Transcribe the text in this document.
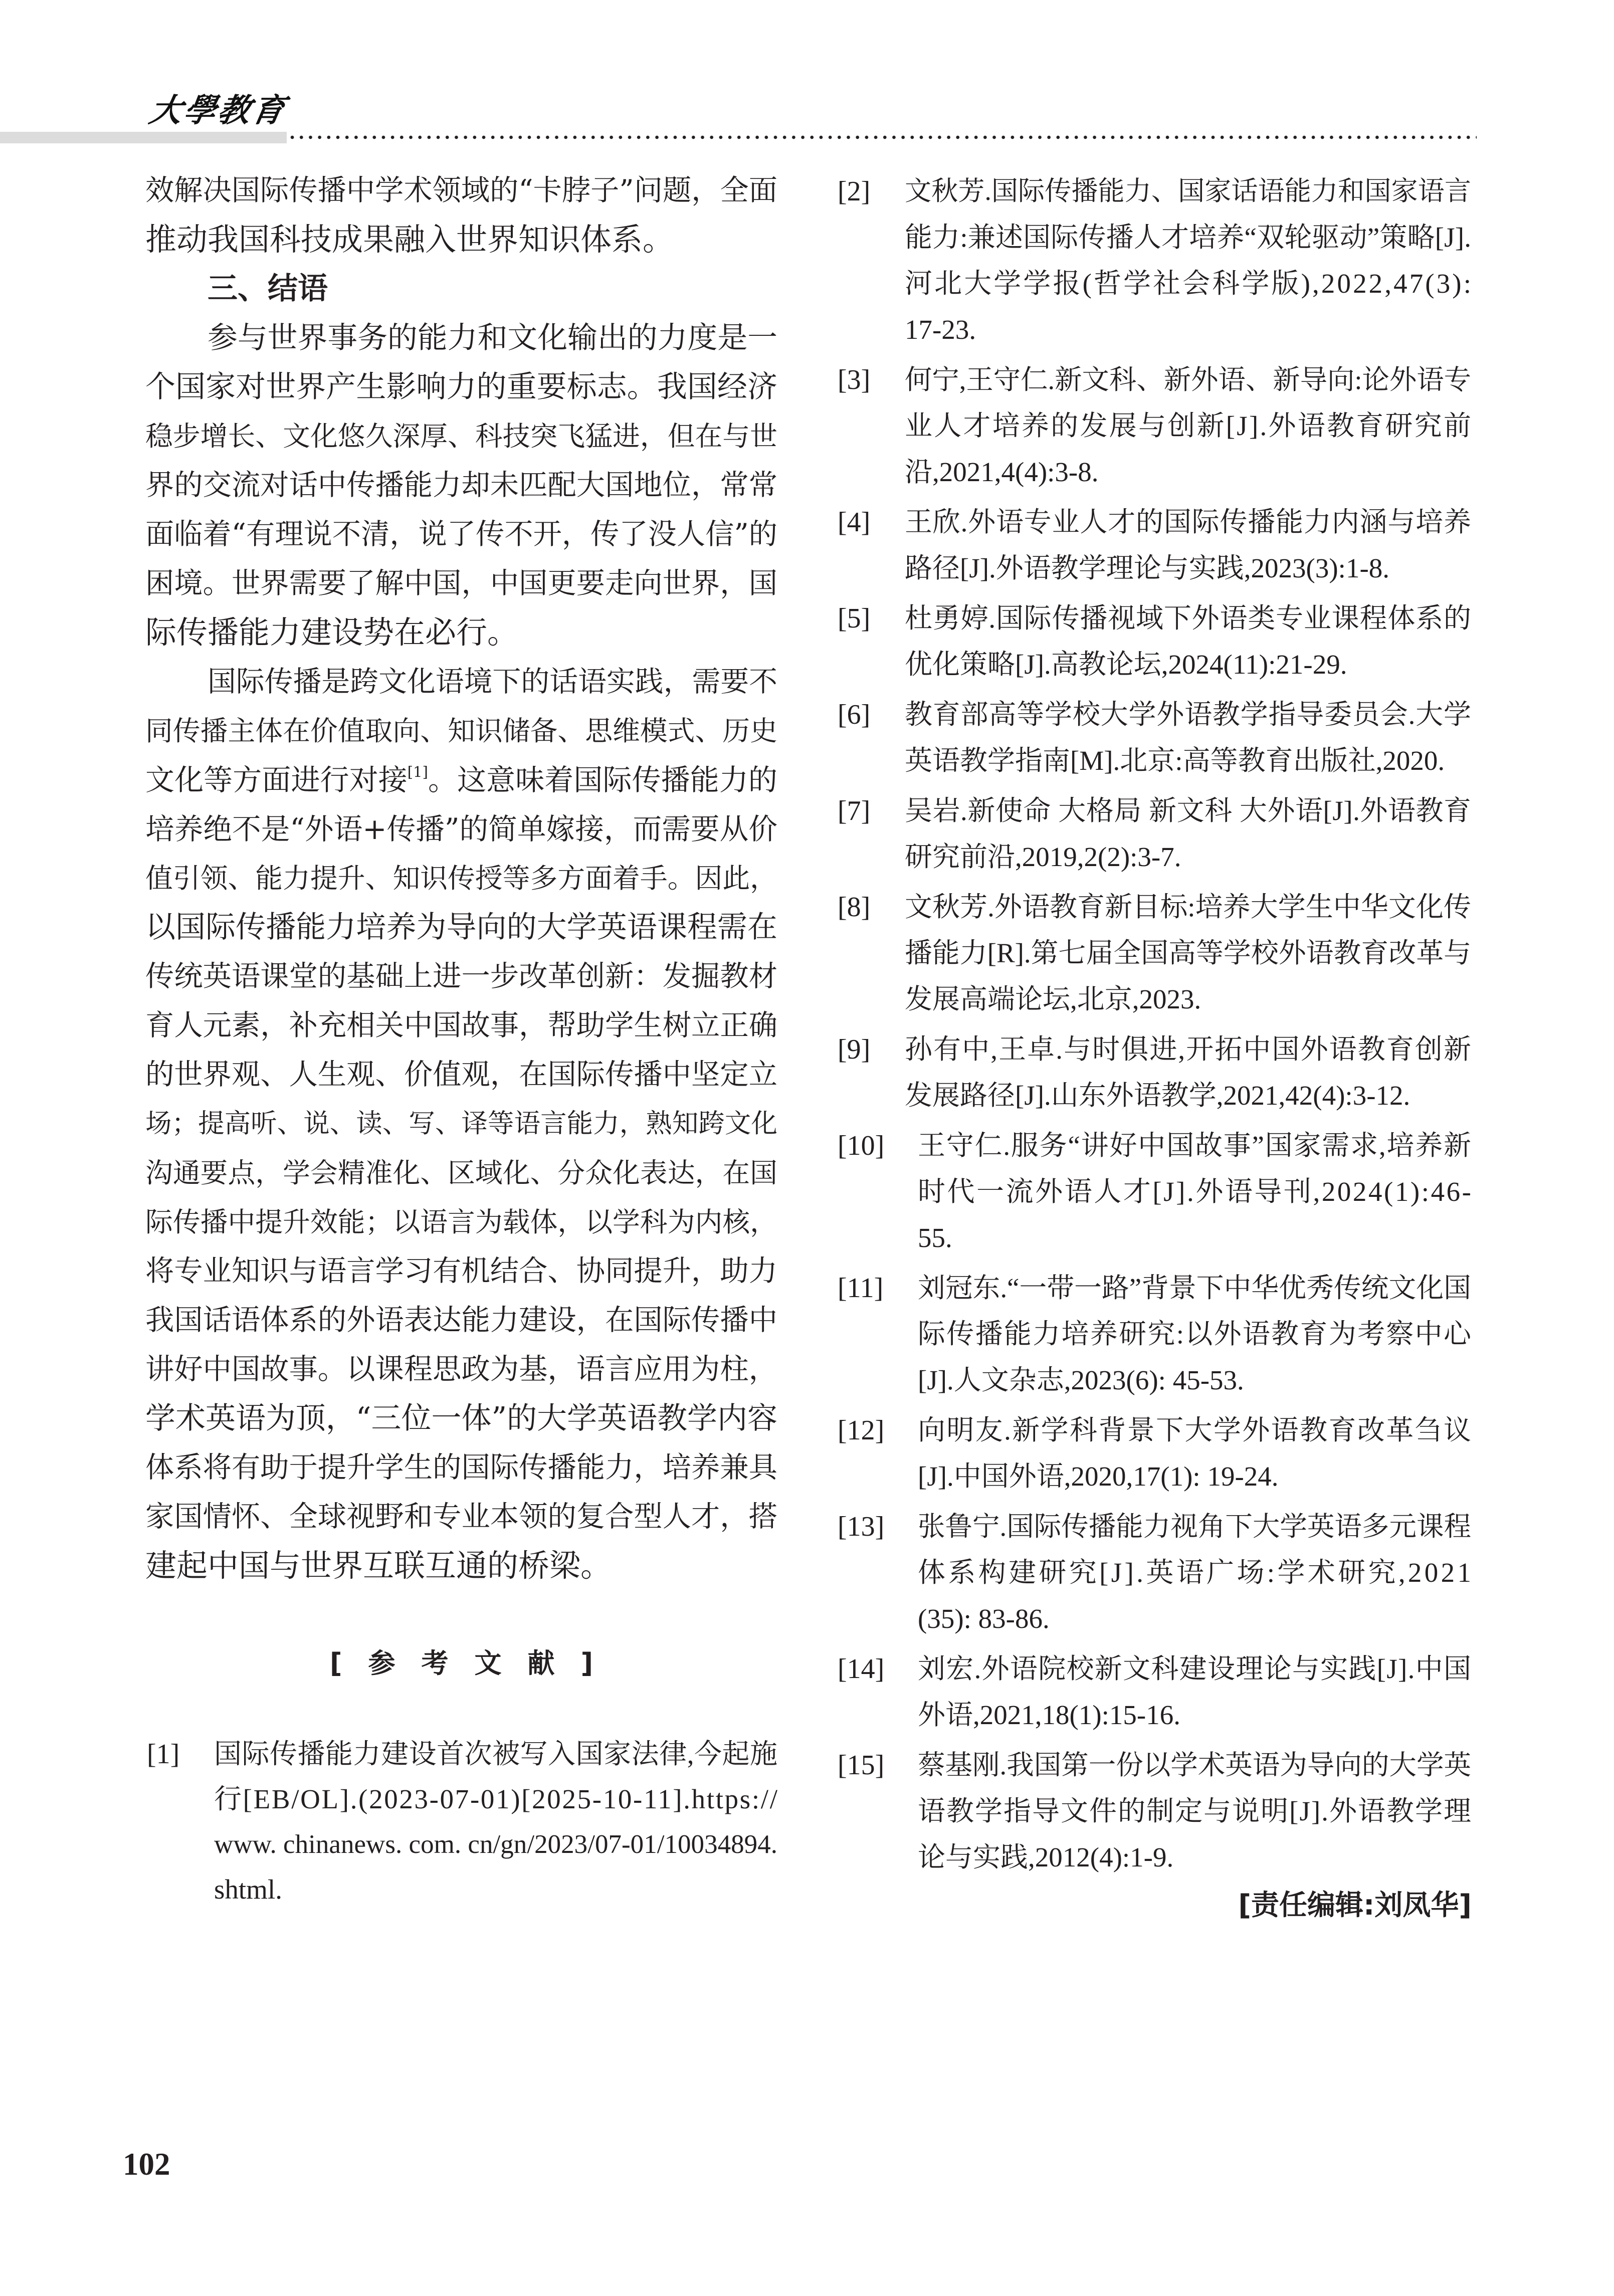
大學教育
效解决国际传播中学术领域的“卡脖子”问题，全面
推动我国科技成果融入世界知识体系。
三、结语
参与世界事务的能力和文化输出的力度是一
个国家对世界产生影响力的重要标志。我国经济
稳步增长、文化悠久深厚、科技突飞猛进，但在与世
界的交流对话中传播能力却未匹配大国地位，常常
面临着“有理说不清，说了传不开，传了没人信”的
困境。世界需要了解中国，中国更要走向世界，国
际传播能力建设势在必行。
国际传播是跨文化语境下的话语实践，需要不
同传播主体在价值取向、知识储备、思维模式、历史
文化等方面进行对接[1]。这意味着国际传播能力的
培养绝不是“外语+传播”的简单嫁接，而需要从价
值引领、能力提升、知识传授等多方面着手。因此，
以国际传播能力培养为导向的大学英语课程需在
传统英语课堂的基础上进一步改革创新：发掘教材
育人元素，补充相关中国故事，帮助学生树立正确
的世界观、人生观、价值观，在国际传播中坚定立
场；提高听、说、读、写、译等语言能力，熟知跨文化
沟通要点，学会精准化、区域化、分众化表达，在国
际传播中提升效能；以语言为载体，以学科为内核，
将专业知识与语言学习有机结合、协同提升，助力
我国话语体系的外语表达能力建设，在国际传播中
讲好中国故事。以课程思政为基，语言应用为柱，
学术英语为顶，“三位一体”的大学英语教学内容
体系将有助于提升学生的国际传播能力，培养兼具
家国情怀、全球视野和专业本领的复合型人才，搭
建起中国与世界互联互通的桥梁。
[参考文献]
[1] 国际传播能力建设首次被写入国家法律,今起施
行[EB/OL].(2023-07-01)[2025-10-11].https://
www. chinanews. com. cn/gn/2023/07-01/10034894.
shtml.
[2] 文秋芳.国际传播能力、国家话语能力和国家语言
能力:兼述国际传播人才培养“双轮驱动”策略[J].
河北大学学报(哲学社会科学版),2022,47(3):
17-23.
[3] 何宁,王守仁.新文科、新外语、新导向:论外语专
业人才培养的发展与创新[J].外语教育研究前
沿,2021,4(4):3-8.
[4] 王欣.外语专业人才的国际传播能力内涵与培养
路径[J].外语教学理论与实践,2023(3):1-8.
[5] 杜勇婷.国际传播视域下外语类专业课程体系的
优化策略[J].高教论坛,2024(11):21-29.
[6] 教育部高等学校大学外语教学指导委员会.大学
英语教学指南[M].北京:高等教育出版社,2020.
[7] 吴岩.新使命 大格局 新文科 大外语[J].外语教育
研究前沿,2019,2(2):3-7.
[8] 文秋芳.外语教育新目标:培养大学生中华文化传
播能力[R].第七届全国高等学校外语教育改革与
发展高端论坛,北京,2023.
[9] 孙有中,王卓.与时俱进,开拓中国外语教育创新
发展路径[J].山东外语教学,2021,42(4):3-12.
[10] 王守仁.服务“讲好中国故事”国家需求,培养新
时代一流外语人才[J].外语导刊,2024(1):46-
55.
[11] 刘冠东.“一带一路”背景下中华优秀传统文化国
际传播能力培养研究:以外语教育为考察中心
[J].人文杂志,2023(6): 45-53.
[12] 向明友.新学科背景下大学外语教育改革刍议
[J].中国外语,2020,17(1): 19-24.
[13] 张鲁宁.国际传播能力视角下大学英语多元课程
体系构建研究[J].英语广场:学术研究,2021
(35): 83-86.
[14] 刘宏.外语院校新文科建设理论与实践[J].中国
外语,2021,18(1):15-16.
[15] 蔡基刚.我国第一份以学术英语为导向的大学英
语教学指导文件的制定与说明[J].外语教学理
论与实践,2012(4):1-9.
[责任编辑:刘凤华]
102
